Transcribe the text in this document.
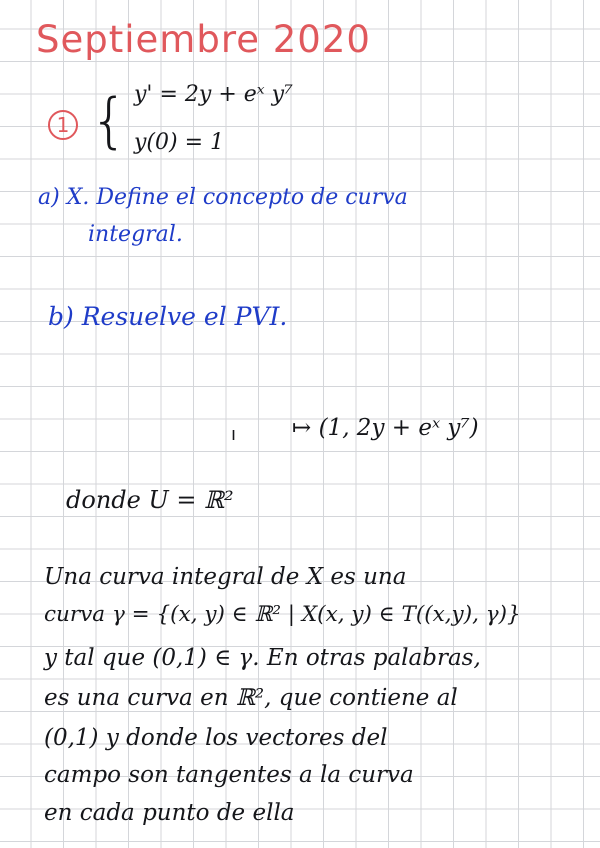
Septiembre 2020
1 { y' = 2y + eˣ y⁷
y(0) = 1
a) X. Define el concepto de curva
integral.
b) Resuelve el PVI.
ı ↦ (1, 2y + eˣ y⁷)
donde U = ℝ²
Una curva integral de X es una
curva γ = {(x, y) ∈ ℝ² | X(x, y) ∈ T((x,y), γ)}
y tal que (0,1) ∈ γ. En otras palabras,
es una curva en ℝ², que contiene al
(0,1) y donde los vectores del
campo son tangentes a la curva
en cada punto de ella
